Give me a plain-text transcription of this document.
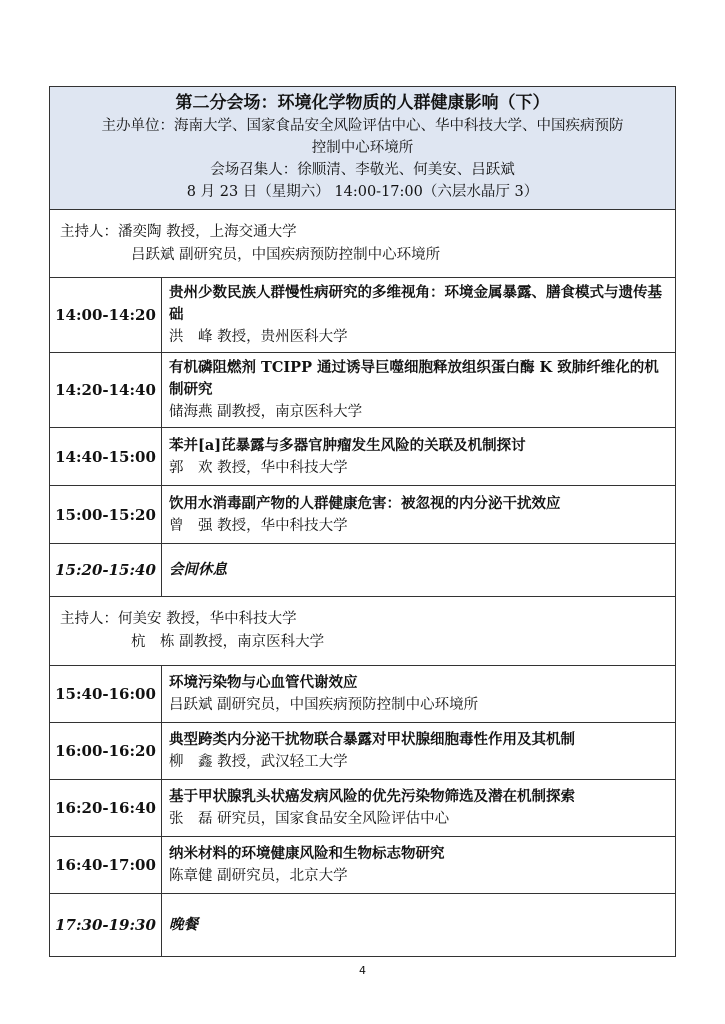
第二分会场：环境化学物质的人群健康影响（下）
主办单位：海南大学、国家食品安全风险评估中心、华中科技大学、中国疾病预防
控制中心环境所
会场召集人：徐顺清、李敬光、何美安、吕跃斌
8 月 23 日（星期六） 14:00-17:00（六层水晶厅 3）	

主持人：潘奕陶 教授，上海交通大学
吕跃斌 副研究员，中国疾病预防控制中心环境所	

14:00-14:20	贵州少数民族人群慢性病研究的多维视角：环境金属暴露、膳食模式与遗传基础
洪　峰 教授，贵州医科大学

14:20-14:40	有机磷阻燃剂 TCIPP 通过诱导巨噬细胞释放组织蛋白酶 K 致肺纤维化的机制研究
储海燕 副教授，南京医科大学

14:40-15:00	苯并[a]芘暴露与多器官肿瘤发生风险的关联及机制探讨
郭　欢 教授，华中科技大学

15:00-15:20	饮用水消毒副产物的人群健康危害：被忽视的内分泌干扰效应
曾　强 教授，华中科技大学

15:20-15:40	会间休息

主持人：何美安 教授，华中科技大学
杭　栋 副教授，南京医科大学	

15:40-16:00	环境污染物与心血管代谢效应
吕跃斌 副研究员，中国疾病预防控制中心环境所

16:00-16:20	典型跨类内分泌干扰物联合暴露对甲状腺细胞毒性作用及其机制
柳　鑫 教授，武汉轻工大学

16:20-16:40	基于甲状腺乳头状癌发病风险的优先污染物筛选及潜在机制探索
张　磊 研究员，国家食品安全风险评估中心

16:40-17:00	纳米材料的环境健康风险和生物标志物研究
陈章健 副研究员，北京大学

17:30-19:30	晚餐
4
